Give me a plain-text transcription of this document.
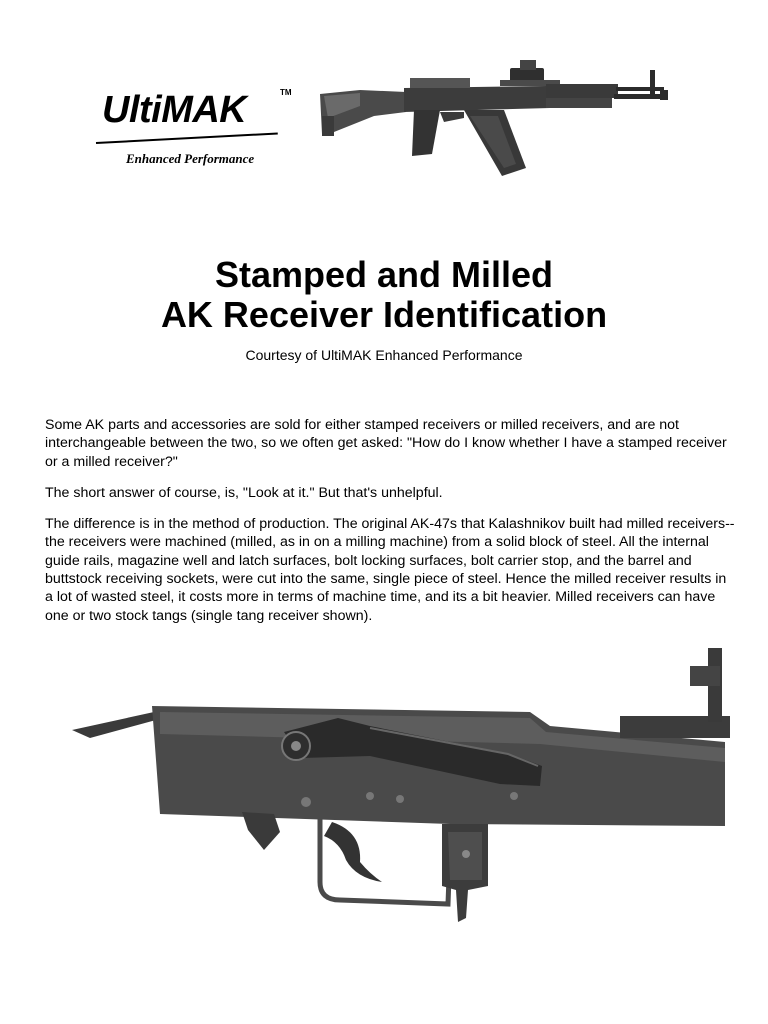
UltiMAK	TM
Enhanced Performance
Stamped and Milled
AK Receiver Identification
Courtesy of UltiMAK Enhanced Performance

Some AK parts and accessories are sold for either stamped receivers or milled receivers, and are not interchangeable between the two, so we often get asked: "How do I know whether I have a stamped receiver or a milled receiver?"

The short answer of course, is, "Look at it." But that's unhelpful.

The difference is in the method of production. The original AK-47s that Kalashnikov built had milled receivers-- the receivers were machined (milled, as in on a milling machine) from a solid block of steel. All the internal guide rails, magazine well and latch surfaces, bolt locking surfaces, bolt carrier stop, and the barrel and buttstock receiving sockets, were cut into the same, single piece of steel. Hence the milled receiver results in a lot of wasted steel, it costs more in terms of machine time, and its a bit heavier. Milled receivers can have one or two stock tangs (single tang receiver shown).
